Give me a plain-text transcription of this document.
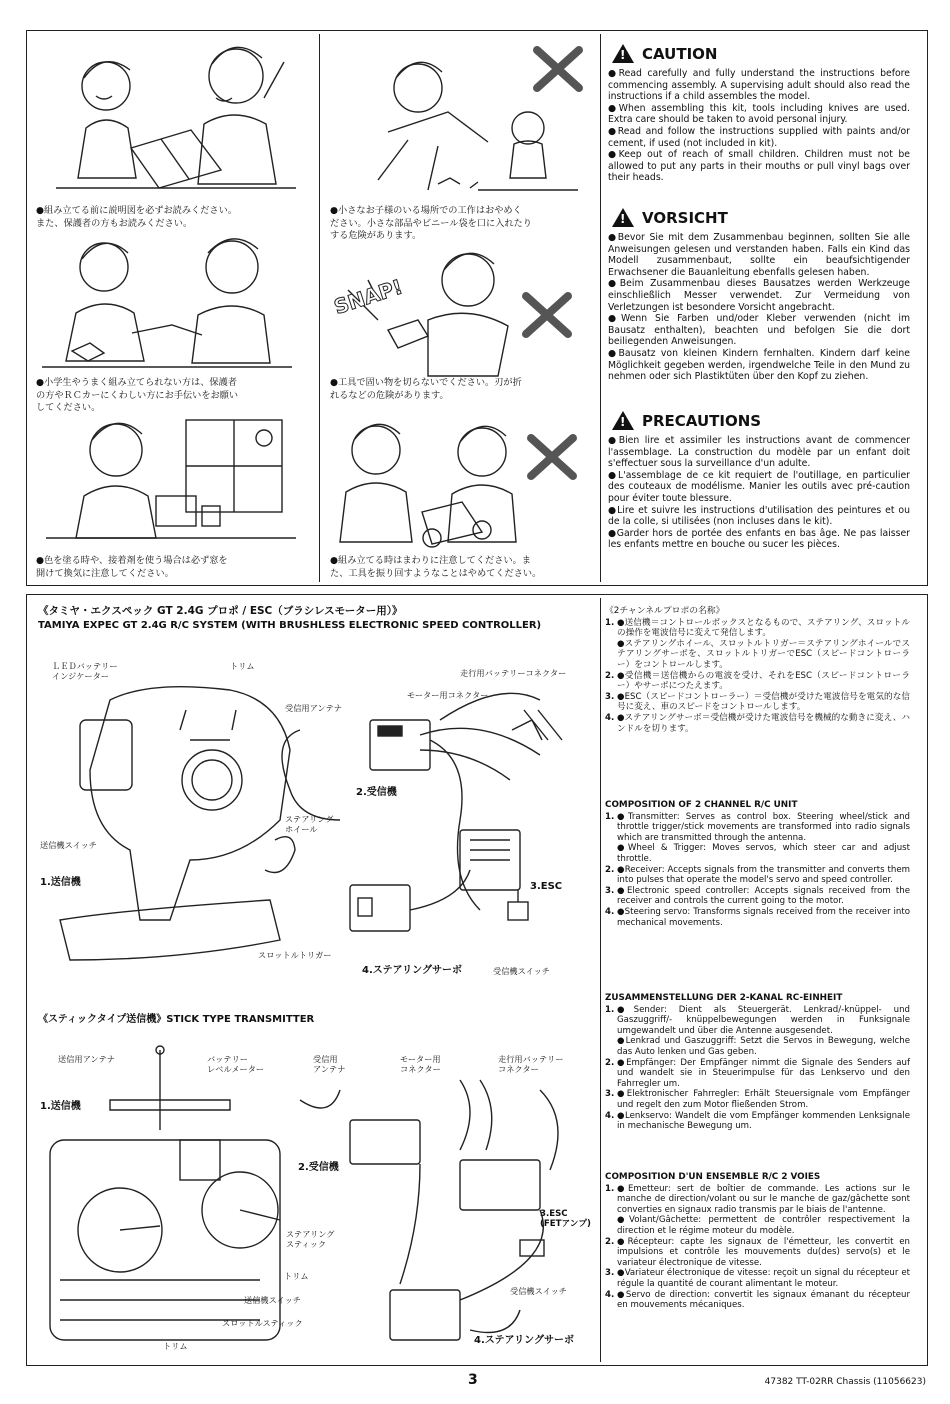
SNAP!
●組み立てる前に説明図を必ずお読みください。
また、保護者の方もお読みください。
●小さなお子様のいる場所での工作はおやめく
ださい。小さな部品やビニール袋を口に入れたり
する危険があります。
●小学生やうまく組み立てられない方は、保護者
の方やＲＣカーにくわしい方にお手伝いをお願い
してください。
●工具で固い物を切らないでください。刃が折
れるなどの危険があります。
●色を塗る時や、接着剤を使う場合は必ず窓を
開けて換気に注意してください。
●組み立てる時はまわりに注意してください。ま
た、工具を振り回すようなことはやめてください。
!
CAUTION

●Read carefully and fully understand the instructions before commencing assembly. A supervising adult should also read the instructions if a child assembles the model.

●When assembling this kit, tools including knives are used. Extra care should be taken to avoid personal injury.

●Read and follow the instructions supplied with paints and/or cement, if used (not included in kit).

●Keep out of reach of small children. Children must not be allowed to put any parts in their mouths or pull vinyl bags over their heads.

!
VORSICHT

●Bevor Sie mit dem Zusammenbau beginnen, sollten Sie alle Anweisungen gelesen und verstanden haben. Falls ein Kind das Modell zusammenbaut, sollte ein beaufsichtigender Erwachsener die Bauanleitung ebenfalls gelesen haben.

●Beim Zusammenbau dieses Bausatzes werden Werkzeuge einschließlich Messer verwendet. Zur Vermeidung von Verletzungen ist besondere Vorsicht angebracht.

●Wenn Sie Farben und/oder Kleber verwenden (nicht im Bausatz enthalten), beachten und befolgen Sie die dort beiliegenden Anweisungen.

●Bausatz von kleinen Kindern fernhalten. Kindern darf keine Möglichkeit gegeben werden, irgendwelche Teile in den Mund zu nehmen oder sich Plastiktüten über den Kopf zu ziehen.

!
PRECAUTIONS

●Bien lire et assimiler les instructions avant de commencer l'assemblage. La construction du modèle par un enfant doit s'effectuer sous la surveillance d'un adulte.

●L'assemblage de ce kit requiert de l'outillage, en particulier des couteaux de modélisme. Manier les outils avec pré-caution pour éviter toute blessure.

●Lire et suivre les instructions d'utilisation des peintures et ou de la colle, si utilisées (non incluses dans le kit).

●Garder hors de portée des enfants en bas âge. Ne pas laisser les enfants mettre en bouche ou sucer les pièces.

《タミヤ・エクスペック GT 2.4G プロポ / ESC（ブラシレスモーター用）》
TAMIYA EXPEC GT 2.4G R/C SYSTEM (WITH BRUSHLESS ELECTRONIC SPEED CONTROLLER)
ＬＥＤバッテリー
インジケーター
トリム
受信用アンテナ
モーター用コネクター
走行用バッテリーコネクター
2.受信機
ステアリング
ホイール
送信機スイッチ
1.送信機	3.ESC
スロットルトリガー
4.ステアリングサーボ	受信機スイッチ
《スティックタイプ送信機》STICK TYPE TRANSMITTER
送信用アンテナ	バッテリー
レベルメーター
受信用
アンテナ
モーター用
コネクター
走行用バッテリー
コネクター
1.送信機
2.受信機
ステアリング
スティック
トリム
3.ESC
(FETアンプ)
送信機スイッチ
スロットルスティック
受信機スイッチ
トリム	4.ステアリングサーボ
《2チャンネルプロポの名称》
1. ●送信機＝コントロールボックスとなるもので、ステアリング、スロットルの操作を電波信号に変えて発信します。
●ステアリングホイール、スロットルトリガー＝ステアリングホイールでステアリングサーボを、スロットルトリガーでESC（スピードコントローラー）をコントロールします。
2. ●受信機＝送信機からの電波を受け、それをESC（スピードコントローラー）やサーボにつたえます。
3. ●ESC（スピードコントローラー）＝受信機が受けた電波信号を電気的な信号に変え、車のスピードをコントロールします。
4. ●ステアリングサーボ＝受信機が受けた電波信号を機械的な動きに変え、ハンドルを切ります。
COMPOSITION OF 2 CHANNEL R/C UNIT
1. ●Transmitter: Serves as control box. Steering wheel/stick and throttle trigger/stick movements are transformed into radio signals which are transmitted through the antenna.
●Wheel & Trigger: Moves servos, which steer car and adjust throttle.
2. ●Receiver: Accepts signals from the transmitter and converts them into pulses that operate the model's servo and speed controller.
3. ●Electronic speed controller: Accepts signals received from the receiver and controls the current going to the motor.
4. ●Steering servo: Transforms signals received from the receiver into mechanical movements.
ZUSAMMENSTELLUNG DER 2-KANAL RC-EINHEIT
1. ●Sender: Dient als Steuergerät. Lenkrad/-knüppel- und Gaszuggriff/- knüppelbewegungen werden in Funksignale umgewandelt und über die Antenne ausgesendet.
●Lenkrad und Gaszuggriff: Setzt die Servos in Bewegung, welche das Auto lenken und Gas geben.
2. ●Empfänger: Der Empfänger nimmt die Signale des Senders auf und wandelt sie in Steuerimpulse für das Lenkservo und den Fahrregler um.
3. ●Elektronischer Fahrregler: Erhält Steuersignale vom Empfänger und regelt den zum Motor fließenden Strom.
4. ●Lenkservo: Wandelt die vom Empfänger kommenden Lenksignale in mechanische Bewegung um.
COMPOSITION D'UN ENSEMBLE R/C 2 VOIES
1. ●Emetteur: sert de boîtier de commande. Les actions sur le manche de direction/volant ou sur le manche de gaz/gâchette sont converties en signaux radio transmis par le biais de l'antenne.
●Volant/Gâchette: permettent de contrôler respectivement la direction et le régime moteur du modèle.
2. ●Récepteur: capte les signaux de l'émetteur, les convertit en impulsions et contrôle les mouvements du(des) servo(s) et le variateur électronique de vitesse.
3. ●Variateur électronique de vitesse: reçoit un signal du récepteur et régule la quantité de courant alimentant le moteur.
4. ●Servo de direction: convertit les signaux émanant du récepteur en mouvements mécaniques.
3	47382 TT-02RR Chassis (11056623)
